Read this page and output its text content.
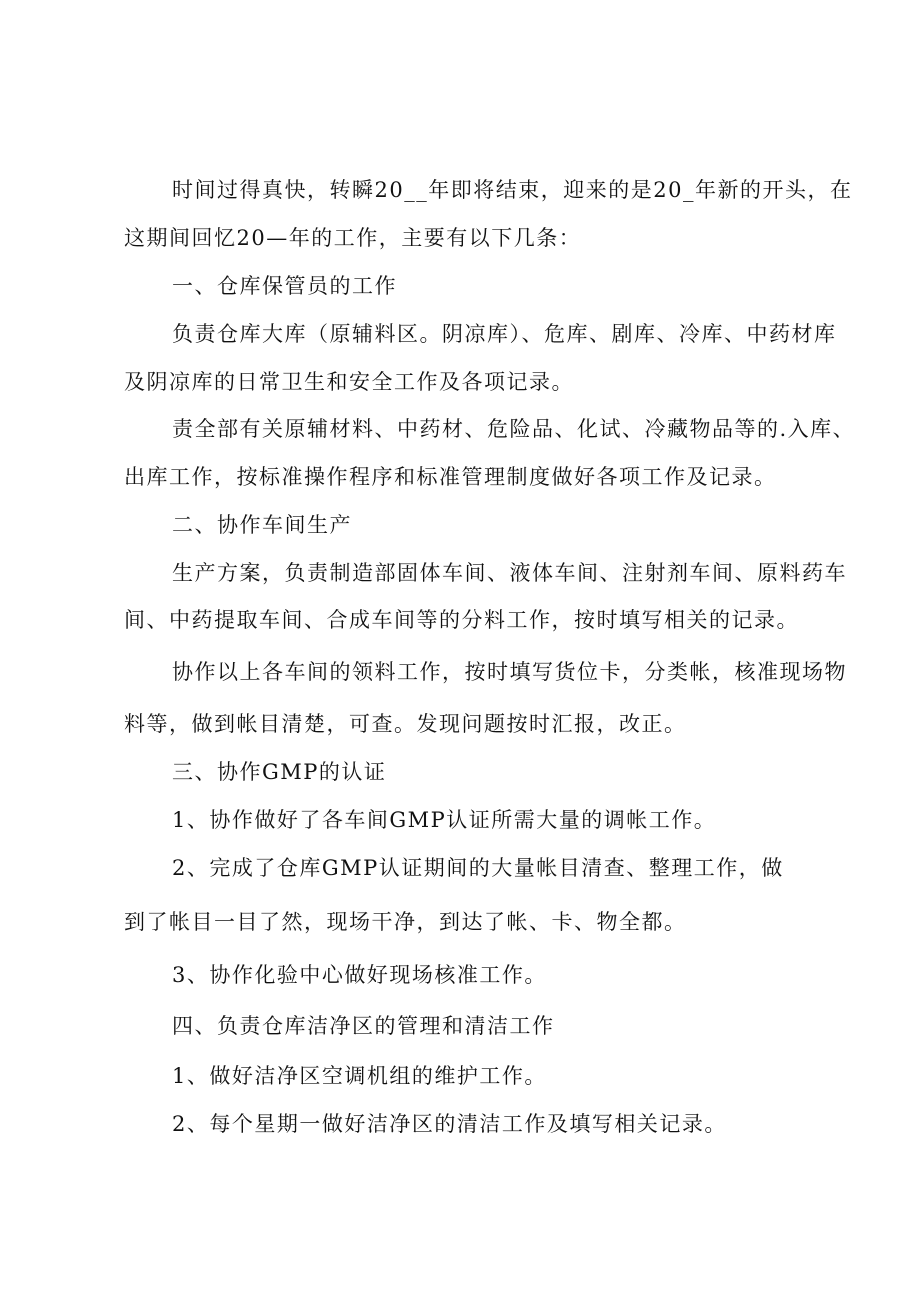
时间过得真快，转瞬20__年即将结束，迎来的是20_年新的开头，在
这期间回忆20—年的工作，主要有以下几条：
一、仓库保管员的工作
负责仓库大库（原辅料区。阴凉库）、危库、剧库、冷库、中药材库
及阴凉库的日常卫生和安全工作及各项记录。
责全部有关原辅材料、中药材、危险品、化试、冷藏物品等的.入库、
出库工作，按标准操作程序和标准管理制度做好各项工作及记录。
二、协作车间生产
生产方案，负责制造部固体车间、液体车间、注射剂车间、原料药车
间、中药提取车间、合成车间等的分料工作，按时填写相关的记录。
协作以上各车间的领料工作，按时填写货位卡，分类帐，核准现场物
料等，做到帐目清楚，可查。发现问题按时汇报，改正。
三、协作GMP的认证
1、协作做好了各车间GMP认证所需大量的调帐工作。
2、完成了仓库GMP认证期间的大量帐目清查、整理工作，做
到了帐目一目了然，现场干净，到达了帐、卡、物全都。
3、协作化验中心做好现场核准工作。
四、负责仓库洁净区的管理和清洁工作
1、做好洁净区空调机组的维护工作。
2、每个星期一做好洁净区的清洁工作及填写相关记录。
